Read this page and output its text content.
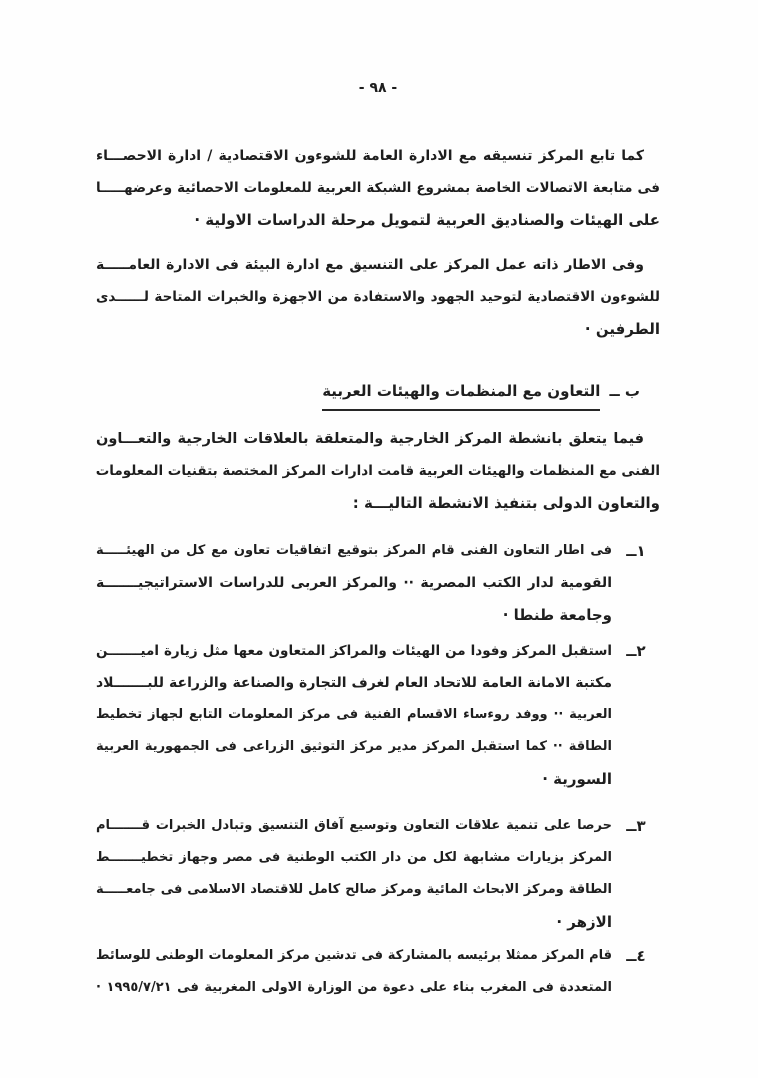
- ٩٨ -
كما تابع المركز تنسيقه مع الادارة العامة للشوءون الاقتصادية / ادارة الاحصـــاء
فى متابعة الاتصالات الخاصة بمشروع الشبكة العربية للمعلومات الاحصائية وعرضهـــــا
على الهيئات والصناديق العربية لتمويل مرحلة الدراسات الاولية ·
وفى الاطار ذاته عمل المركز على التنسيق مع ادارة البيئة فى الادارة العامـــــة
للشوءون الاقتصادية لتوحيد الجهود والاستفادة من الاجهزة والخبرات المتاحة لــــــدى
الطرفين ·
ب ــالتعاون مع المنظمات والهيئات العربية
فيما يتعلق بانشطة المركز الخارجية والمتعلقة بالعلاقات الخارجية والتعـــاون
الفنى مع المنظمات والهيئات العربية قامت ادارات المركز المختصة بتقنيات المعلومات
والتعاون الدولى بتنفيذ الانشطة التاليـــة :
١ــ
فى اطار التعاون الفنى قام المركز بتوقيع اتفاقيات تعاون مع كل من الهيئـــــة
القومية لدار الكتب المصرية ·· والمركز العربى للدراسات الاستراتيجيـــــــة
وجامعة طنطا ·
٢ــ
استقبل المركز وفودا من الهيئات والمراكز المتعاون معها مثل زيارة اميـــــــن
مكتبة الامانة العامة للاتحاد العام لغرف التجارة والصناعة والزراعة للبـــــــلاد
العربية ·· ووفد روءساء الاقسام الفنية فى مركز المعلومات التابع لجهاز تخطيط
الطاقة ·· كما استقبل المركز مدير مركز التوثيق الزراعى فى الجمهورية العربية
السورية ·
٣ــ
حرصا على تنمية علاقات التعاون وتوسيع آفاق التنسيق وتبادل الخبرات قـــــــام
المركز بزيارات مشابهة لكل من دار الكتب الوطنية فى مصر وجهاز تخطيـــــــط
الطاقة ومركز الابحاث المائية ومركز صالح كامل للاقتصاد الاسلامى فى جامعـــــة
الازهر ·
٤ــ
قام المركز ممثلا برئيسه بالمشاركة فى تدشين مركز المعلومات الوطنى للوسائط
المتعددة فى المغرب بناء على دعوة من الوزارة الاولى المغربية فى ١٩٩٥/٧/٢١ ·
